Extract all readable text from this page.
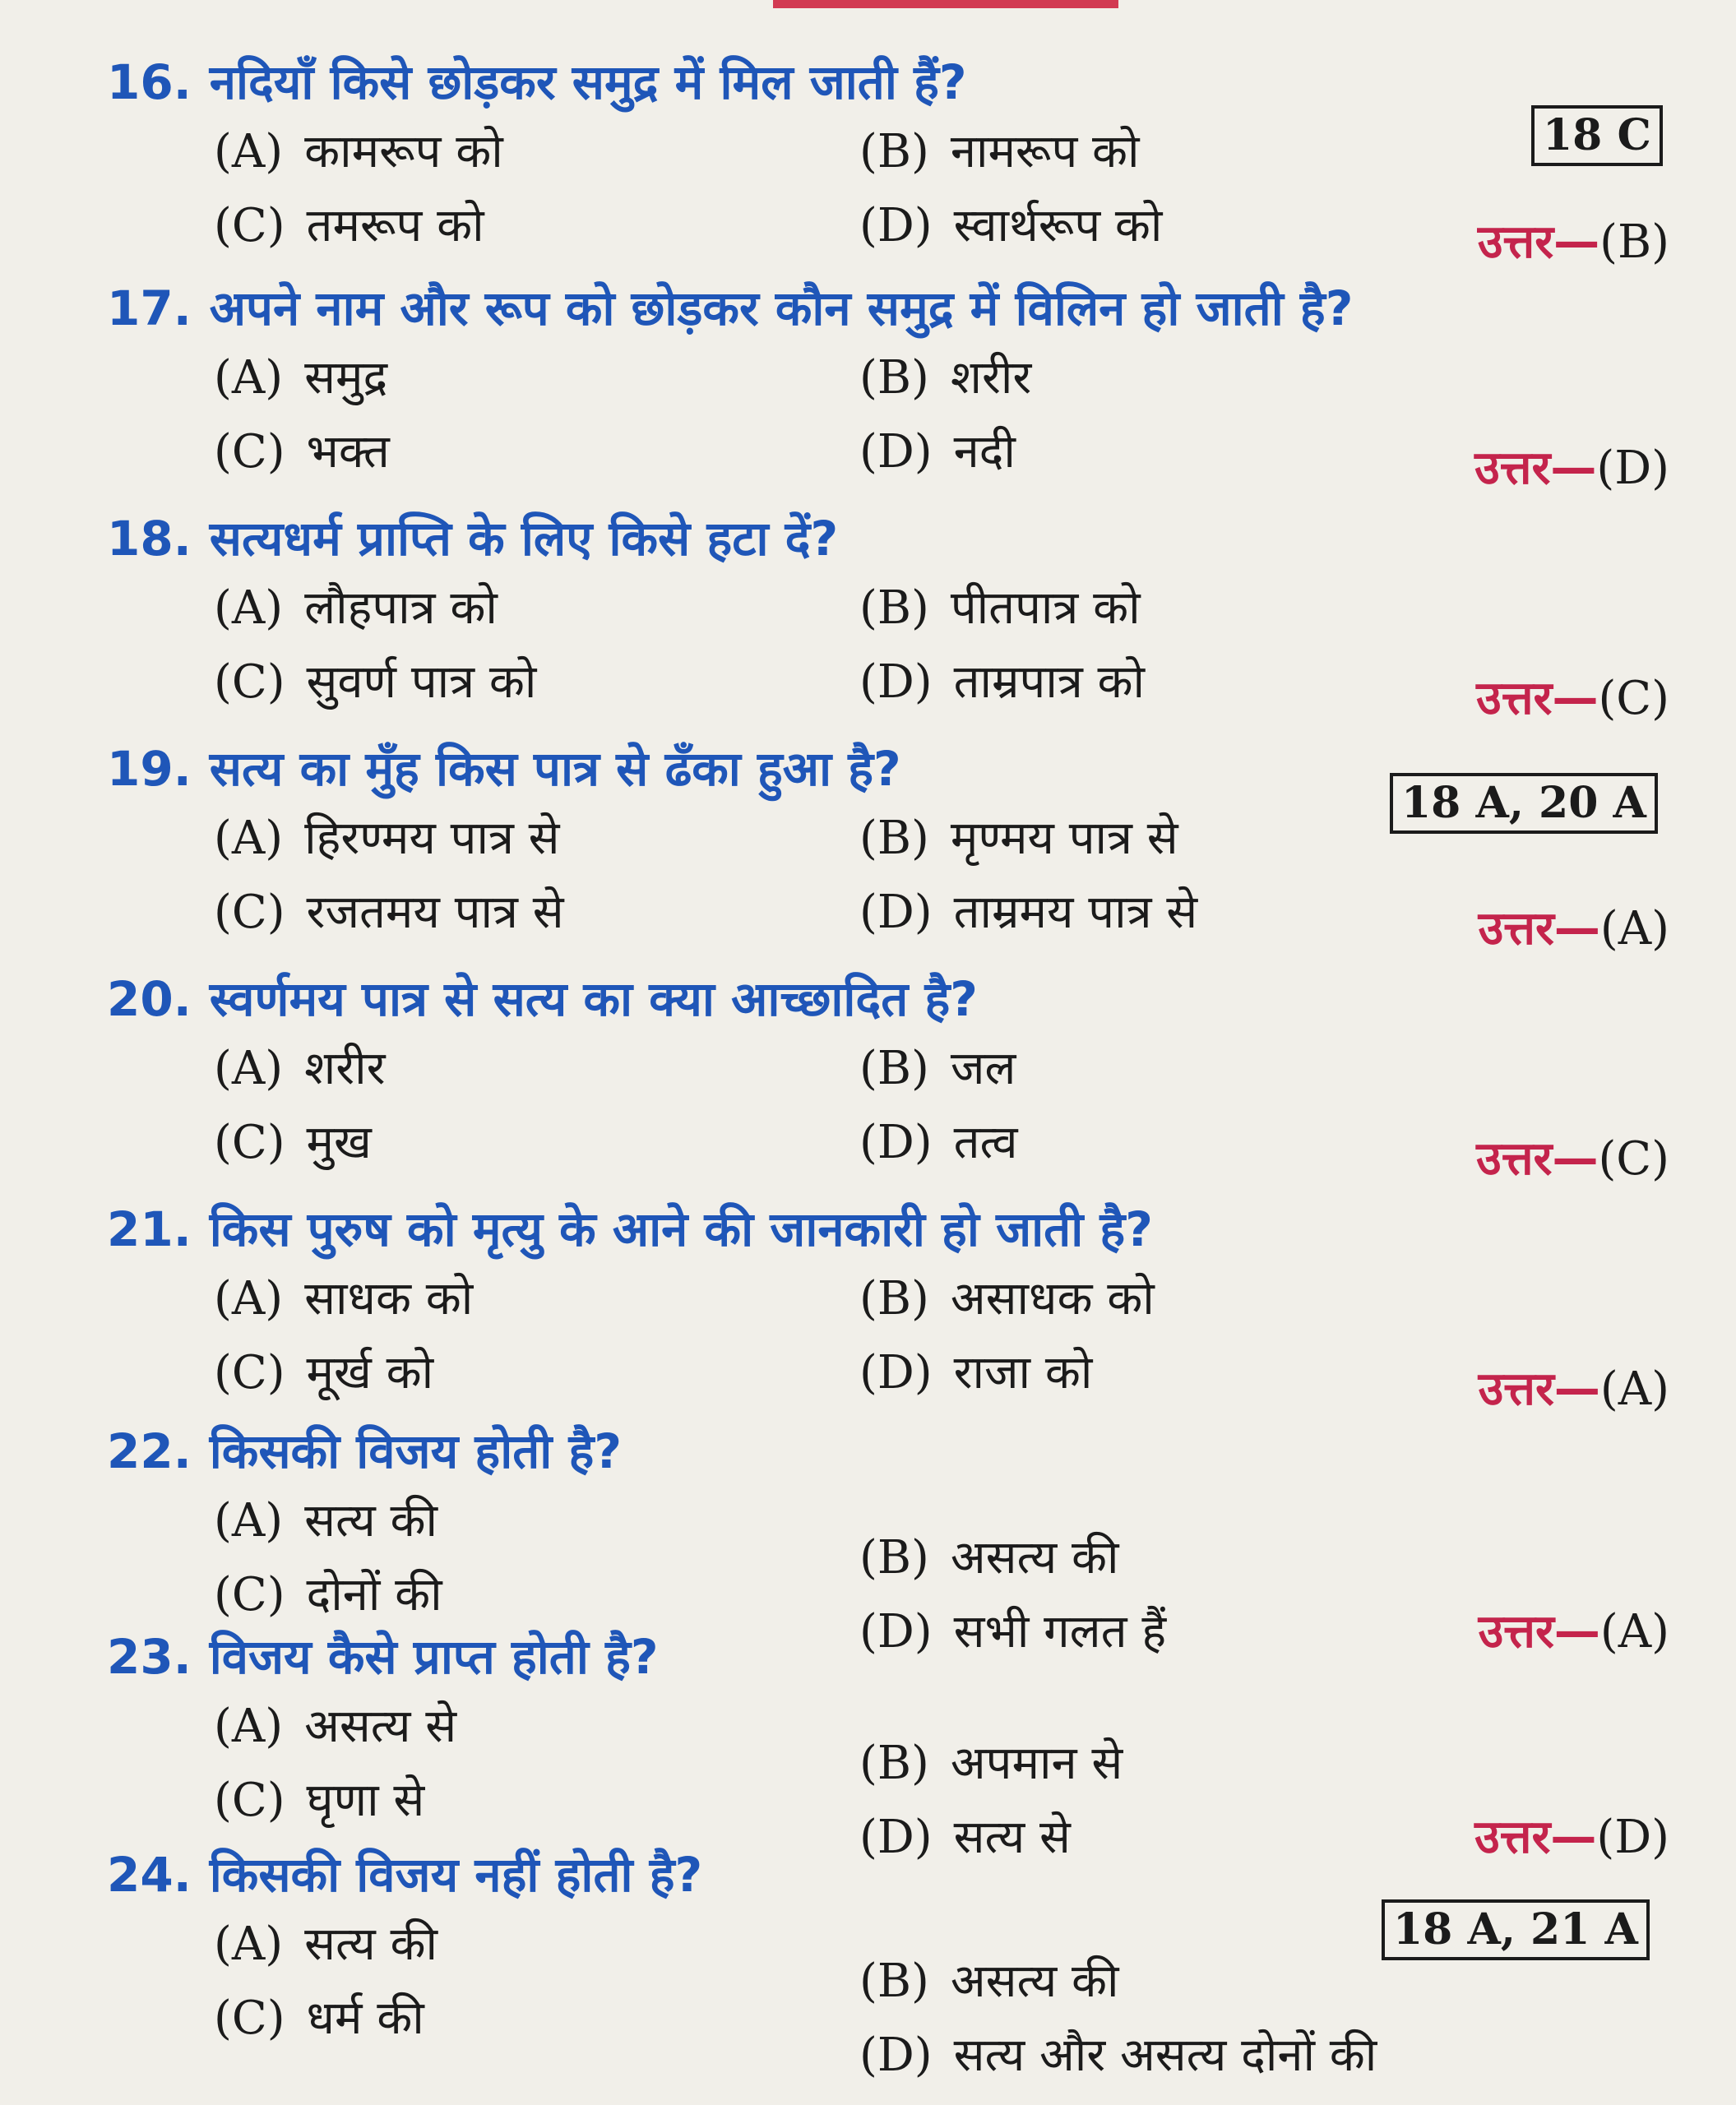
16. नदियाँ किसे छोड़कर समुद्र में मिल जाती हैं?
(A) कामरूप को	(B) नामरूप को
(C) तमरूप को	(D) स्वार्थरूप को	उत्तर—(B)
18 C
17. अपने नाम और रूप को छोड़कर कौन समुद्र में विलिन हो जाती है?
(A) समुद्र	(B) शरीर
(C) भक्त	(D) नदी	उत्तर—(D)
18. सत्यधर्म प्राप्ति के लिए किसे हटा दें?
(A) लौहपात्र को	(B) पीतपात्र को
(C) सुवर्ण पात्र को	(D) ताम्रपात्र को	उत्तर—(C)
19. सत्य का मुँह किस पात्र से ढँका हुआ है?
(A) हिरण्मय पात्र से	(B) मृण्मय पात्र से
(C) रजतमय पात्र से	(D) ताम्रमय पात्र से	उत्तर—(A)
18 A, 20 A
20. स्वर्णमय पात्र से सत्य का क्या आच्छादित है?
(A) शरीर	(B) जल
(C) मुख	(D) तत्व	उत्तर—(C)
21. किस पुरुष को मृत्यु के आने की जानकारी हो जाती है?
(A) साधक को	(B) असाधक को
(C) मूर्ख को	(D) राजा को	उत्तर—(A)
22. किसकी विजय होती है?
(A) सत्य की
(B) असत्य की
(C) दोनों की
(D) सभी गलत हैं	उत्तर—(A)
23. विजय कैसे प्राप्त होती है?
(A) असत्य से
(B) अपमान से
(C) घृणा से
(D) सत्य से	उत्तर—(D)
24. किसकी विजय नहीं होती है?
(A) सत्य की
(B) असत्य की
(C) धर्म की
(D) सत्य और असत्य दोनों की
18 A, 21 A
